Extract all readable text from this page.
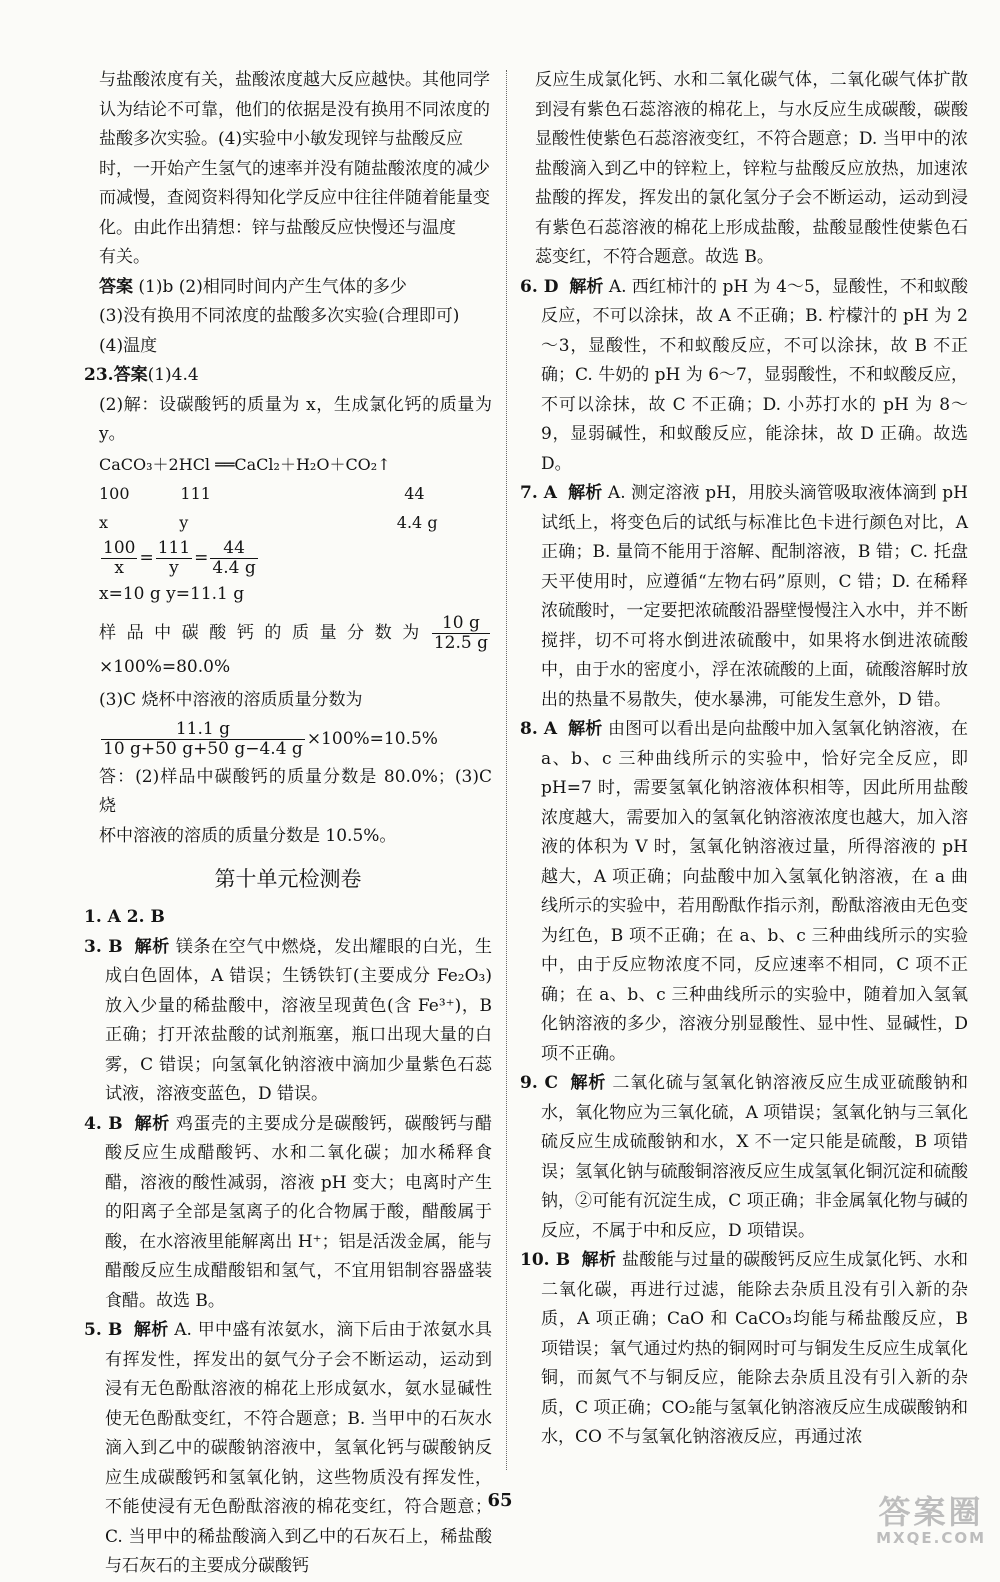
与盐酸浓度有关，盐酸浓度越大反应越快。其他同学
认为结论不可靠，他们的依据是没有换用不同浓度的
盐酸多次实验。(4)实验中小敏发现锌与盐酸反应
时，一开始产生氢气的速率并没有随盐酸浓度的减少
而减慢，查阅资料得知化学反应中往往伴随着能量变
化。由此作出猜想：锌与盐酸反应快慢还与温度
有关。
答案 (1)b (2)相同时间内产生气体的多少
(3)没有换用不同浓度的盐酸多次实验(合理即可)
(4)温度
23.答案(1)4.4
(2)解：设碳酸钙的质量为 x，生成氯化钙的质量为 y。
CaCO₃＋2HCl ══CaCl₂＋H₂O＋CO₂↑
100          111                                      44
x              y                                         4.4 g
$\frac{100}{x} = \frac{111}{y} = \frac{44}{4.4 g}$
x=10 g y=11.1 g
样品中碳酸钙的质量分数为 $\frac{10 g}{12.5 g}$
×100%=80.0%
(3)C 烧杯中溶液的溶质质量分数为
$\frac{11.1 g}{10 g+50 g+50 g-4.4 g} \times 100\%=10.5\%$
答：(2)样品中碳酸钙的质量分数是 80.0%；(3)C 烧
杯中溶液的溶质的质量分数是 10.5%。
第十单元检测卷
1. A 2. B
3. B 解析 镁条在空气中燃烧，发出耀眼的白光，生成白色固体，A 错误；生锈铁钉(主要成分 Fe₂O₃)放入少量的稀盐酸中，溶液呈现黄色(含 Fe³⁺)，B 正确；打开浓盐酸的试剂瓶塞，瓶口出现大量的白雾，C 错误；向氢氧化钠溶液中滴加少量紫色石蕊试液，溶液变蓝色，D 错误。
4. B 解析 鸡蛋壳的主要成分是碳酸钙，碳酸钙与醋酸反应生成醋酸钙、水和二氧化碳；加水稀释食醋，溶液的酸性减弱，溶液 pH 变大；电离时产生的阳离子全部是氢离子的化合物属于酸，醋酸属于酸，在水溶液里能解离出 H⁺；铝是活泼金属，能与醋酸反应生成醋酸铝和氢气，不宜用铝制容器盛装食醋。故选 B。
5. B 解析 A. 甲中盛有浓氨水，滴下后由于浓氨水具有挥发性，挥发出的氨气分子会不断运动，运动到浸有无色酚酞溶液的棉花上形成氨水，氨水显碱性使无色酚酞变红，不符合题意；B. 当甲中的石灰水滴入到乙中的碳酸钠溶液中，氢氧化钙与碳酸钠反应生成碳酸钙和氢氧化钠，这些物质没有挥发性，不能使浸有无色酚酞溶液的棉花变红，符合题意；C. 当甲中的稀盐酸滴入到乙中的石灰石上，稀盐酸与石灰石的主要成分碳酸钙
反应生成氯化钙、水和二氧化碳气体，二氧化碳气体扩散到浸有紫色石蕊溶液的棉花上，与水反应生成碳酸，碳酸显酸性使紫色石蕊溶液变红，不符合题意；D. 当甲中的浓盐酸滴入到乙中的锌粒上，锌粒与盐酸反应放热，加速浓盐酸的挥发，挥发出的氯化氢分子会不断运动，运动到浸有紫色石蕊溶液的棉花上形成盐酸，盐酸显酸性使紫色石蕊变红，不符合题意。故选 B。
6. D 解析 A. 西红柿汁的 pH 为 4～5，显酸性，不和蚁酸反应，不可以涂抹，故 A 不正确；B. 柠檬汁的 pH 为 2～3，显酸性，不和蚁酸反应，不可以涂抹，故 B 不正确；C. 牛奶的 pH 为 6～7，显弱酸性，不和蚁酸反应，不可以涂抹，故 C 不正确；D. 小苏打水的 pH 为 8～9，显弱碱性，和蚁酸反应，能涂抹，故 D 正确。故选 D。
7. A 解析 A. 测定溶液 pH，用胶头滴管吸取液体滴到 pH 试纸上，将变色后的试纸与标准比色卡进行颜色对比，A 正确；B. 量筒不能用于溶解、配制溶液，B 错；C. 托盘天平使用时，应遵循“左物右码”原则，C 错；D. 在稀释浓硫酸时，一定要把浓硫酸沿器壁慢慢注入水中，并不断搅拌，切不可将水倒进浓硫酸中，如果将水倒进浓硫酸中，由于水的密度小，浮在浓硫酸的上面，硫酸溶解时放出的热量不易散失，使水暴沸，可能发生意外，D 错。
8. A 解析 由图可以看出是向盐酸中加入氢氧化钠溶液，在 a、b、c 三种曲线所示的实验中，恰好完全反应，即 pH=7 时，需要氢氧化钠溶液体积相等，因此所用盐酸浓度越大，需要加入的氢氧化钠溶液浓度也越大，加入溶液的体积为 V 时，氢氧化钠溶液过量，所得溶液的 pH 越大，A 项正确；向盐酸中加入氢氧化钠溶液，在 a 曲线所示的实验中，若用酚酞作指示剂，酚酞溶液由无色变为红色，B 项不正确；在 a、b、c 三种曲线所示的实验中，由于反应物浓度不同，反应速率不相同，C 项不正确；在 a、b、c 三种曲线所示的实验中，随着加入氢氧化钠溶液的多少，溶液分别显酸性、显中性、显碱性，D 项不正确。
9. C 解析 二氧化硫与氢氧化钠溶液反应生成亚硫酸钠和水，氧化物应为三氧化硫，A 项错误；氢氧化钠与三氧化硫反应生成硫酸钠和水，X 不一定只能是硫酸，B 项错误；氢氧化钠与硫酸铜溶液反应生成氢氧化铜沉淀和硫酸钠，②可能有沉淀生成，C 项正确；非金属氧化物与碱的反应，不属于中和反应，D 项错误。
10. B 解析 盐酸能与过量的碳酸钙反应生成氯化钙、水和二氧化碳，再进行过滤，能除去杂质且没有引入新的杂质，A 项正确；CaO 和 CaCO₃均能与稀盐酸反应，B 项错误；氧气通过灼热的铜网时可与铜发生反应生成氧化铜，而氮气不与铜反应，能除去杂质且没有引入新的杂质，C 项正确；CO₂能与氢氧化钠溶液反应生成碳酸钠和水，CO 不与氢氧化钠溶液反应，再通过浓
65	答案圈
MXQE.COM
